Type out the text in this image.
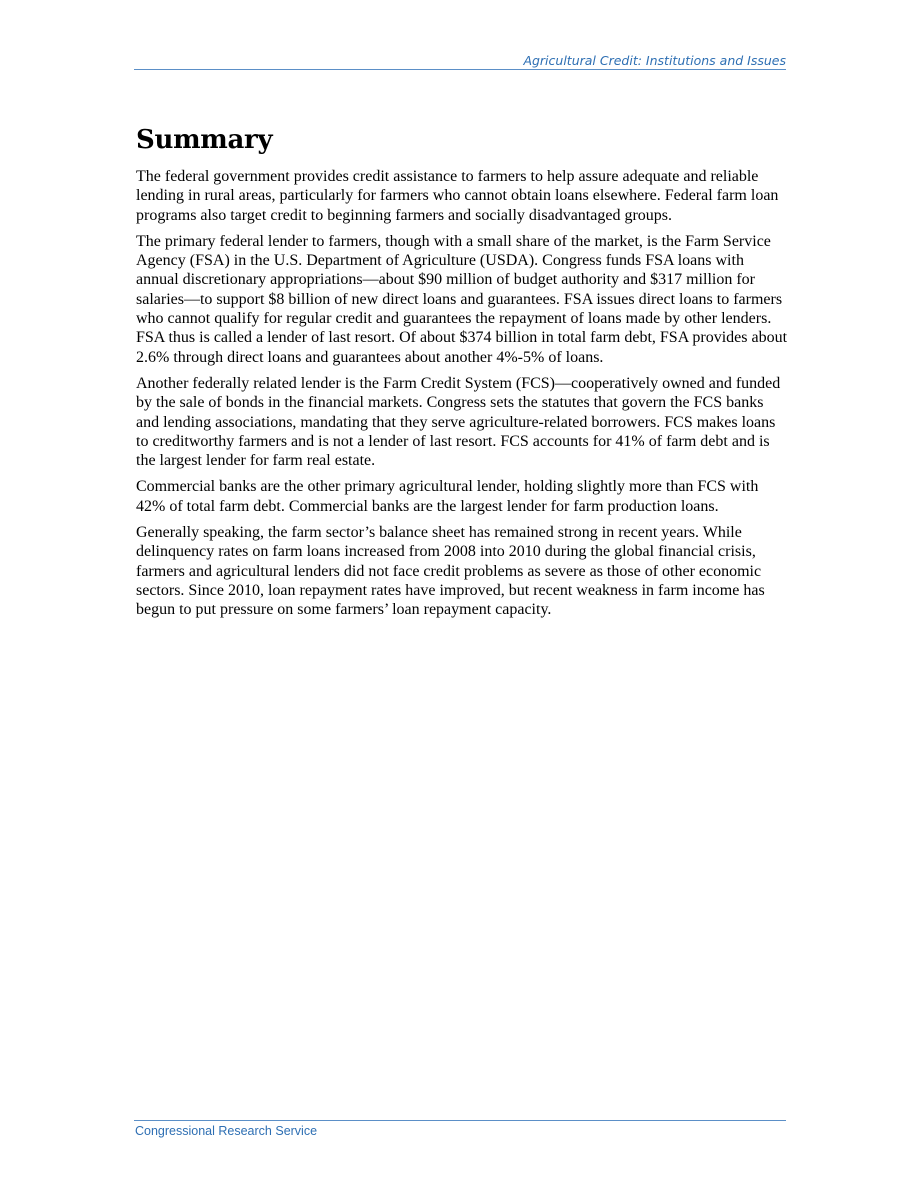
Agricultural Credit: Institutions and Issues
Summary

The federal government provides credit assistance to farmers to help assure adequate and reliable lending in rural areas, particularly for farmers who cannot obtain loans elsewhere. Federal farm loan programs also target credit to beginning farmers and socially disadvantaged groups.

The primary federal lender to farmers, though with a small share of the market, is the Farm Service Agency (FSA) in the U.S. Department of Agriculture (USDA). Congress funds FSA loans with annual discretionary appropriations—about $90 million of budget authority and $317 million for salaries—to support $8 billion of new direct loans and guarantees. FSA issues direct loans to farmers who cannot qualify for regular credit and guarantees the repayment of loans made by other lenders. FSA thus is called a lender of last resort. Of about $374 billion in total farm debt, FSA provides about 2.6% through direct loans and guarantees about another 4%-5% of loans.

Another federally related lender is the Farm Credit System (FCS)—cooperatively owned and funded by the sale of bonds in the financial markets. Congress sets the statutes that govern the FCS banks and lending associations, mandating that they serve agriculture-related borrowers. FCS makes loans to creditworthy farmers and is not a lender of last resort. FCS accounts for 41% of farm debt and is the largest lender for farm real estate.

Commercial banks are the other primary agricultural lender, holding slightly more than FCS with 42% of total farm debt. Commercial banks are the largest lender for farm production loans.

Generally speaking, the farm sector’s balance sheet has remained strong in recent years. While delinquency rates on farm loans increased from 2008 into 2010 during the global financial crisis, farmers and agricultural lenders did not face credit problems as severe as those of other economic sectors. Since 2010, loan repayment rates have improved, but recent weakness in farm income has begun to put pressure on some farmers’ loan repayment capacity.

Congressional Research Service
